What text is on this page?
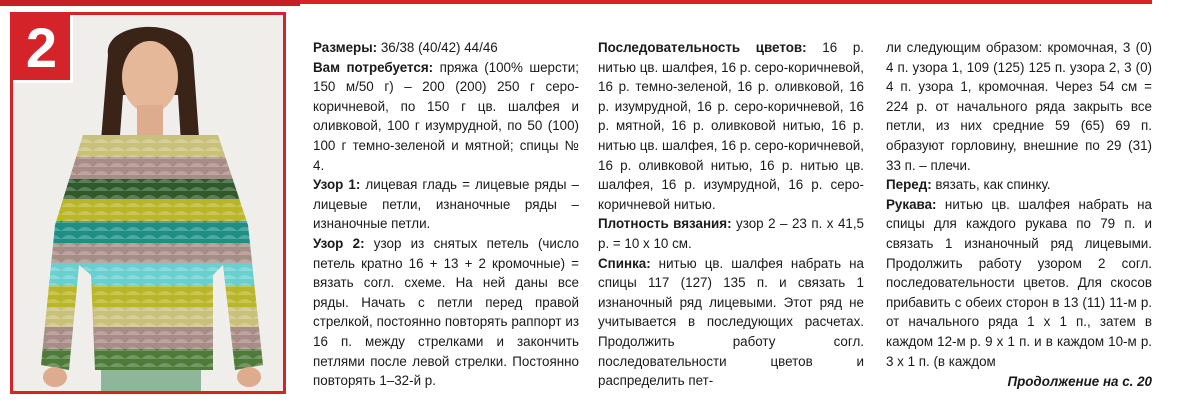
2	Размеры: 36/38 (40/42) 44/46

Вам потребуется: пряжа (100% шерсти; 150 м/50 г) – 200 (200) 250 г серо-коричневой, по 150 г цв. шалфея и оливковой, 100 г изумрудной, по 50 (100) 100 г темно-зеленой и мятной; спицы № 4.

Узор 1: лицевая гладь = лицевые ряды – лицевые петли, изнаночные ряды – изнаночные петли.

Узор 2: узор из снятых петель (число петель кратно 16 + 13 + 2 кромочные) = вязать согл. схеме. На ней даны все ряды. Начать с петли перед правой стрелкой, постоянно повторять раппорт из 16 п. между стрелками и закончить петлями после левой стрелки. Постоянно повторять 1–32-й р.

Последовательность цветов: 16 р. нитью цв. шалфея, 16 р. серо-коричневой, 16 р. темно-зеленой, 16 р. оливковой, 16 р. изумрудной, 16 р. серо-коричневой, 16 р. мятной, 16 р. оливковой нитью, 16 р. нитью цв. шалфея, 16 р. серо-коричневой, 16 р. оливковой нитью, 16 р. нитью цв. шалфея, 16 р. изумрудной, 16 р. серо-коричневой нитью.

Плотность вязания: узор 2 – 23 п. x 41,5 р. = 10 x 10 см.

Спинка: нитью цв. шалфея набрать на спицы 117 (127) 135 п. и связать 1 изнаночный ряд лицевыми. Этот ряд не учитывается в последующих расчетах. Продолжить работу согл. последовательности цветов и распределить пет-

ли следующим образом: кромочная, 3 (0) 4 п. узора 1, 109 (125) 125 п. узора 2, 3 (0) 4 п. узора 1, кромочная. Через 54 см = 224 р. от начального ряда закрыть все петли, из них средние 59 (65) 69 п. образуют горловину, внешние по 29 (31) 33 п. – плечи.

Перед: вязать, как спинку.

Рукава: нитью цв. шалфея набрать на спицы для каждого рукава по 79 п. и связать 1 изнаночный ряд лицевыми. Продолжить работу узором 2 согл. последовательности цветов. Для скосов прибавить с обеих сторон в 13 (11) 11-м р. от начального ряда 1 x 1 п., затем в каждом 12-м р. 9 x 1 п. и в каждом 10-м р. 3 x 1 п. (в каждом

Продолжение на с. 20
